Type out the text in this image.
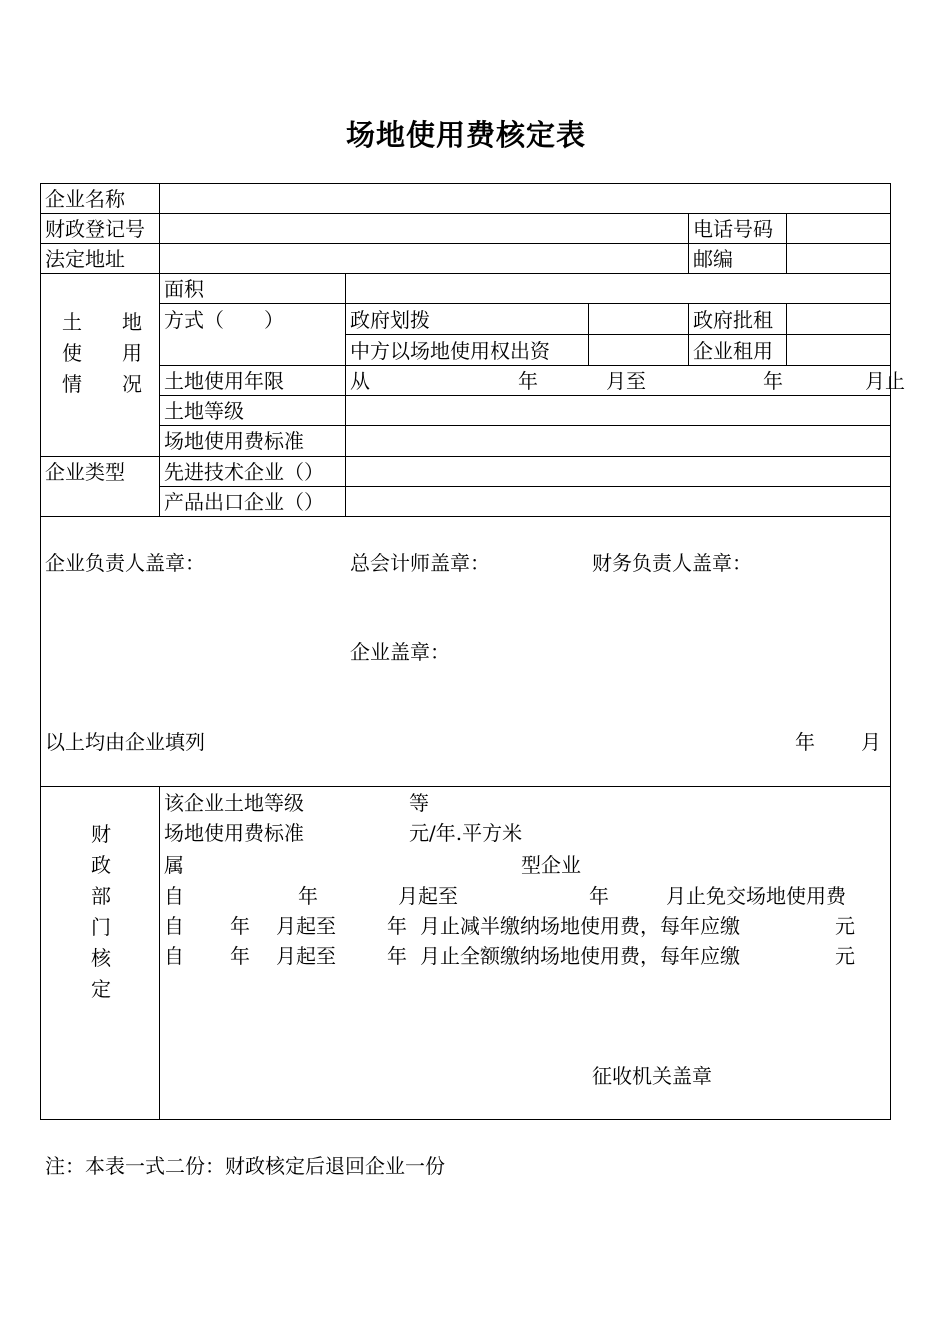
场地使用费核定表
企业名称
财政登记号	电话号码
法定地址	邮编
土　　地
使　　用
情　　况
面积
方式（　　）	政府划拨	政府批租
中方以场地使用权出资	企业租用
土地使用年限	从	年	月至	年	月止
土地等级
场地使用费标准
企业类型 先进技术企业（）
产品出口企业（）
企业负责人盖章：	总会计师盖章：	财务负责人盖章：
企业盖章：
以上均由企业填列	年 月
财
政
部
门
核
定
该企业土地等级	等
场地使用费标准	元/年.平方米
属	型企业
自	年	月起至	年	月止免交场地使用费
自 年 月起至	年 月止减半缴纳场地使用费，每年应缴	元
自 年 月起至	年 月止全额缴纳场地使用费，每年应缴	元
征收机关盖章
注：本表一式二份：财政核定后退回企业一份
